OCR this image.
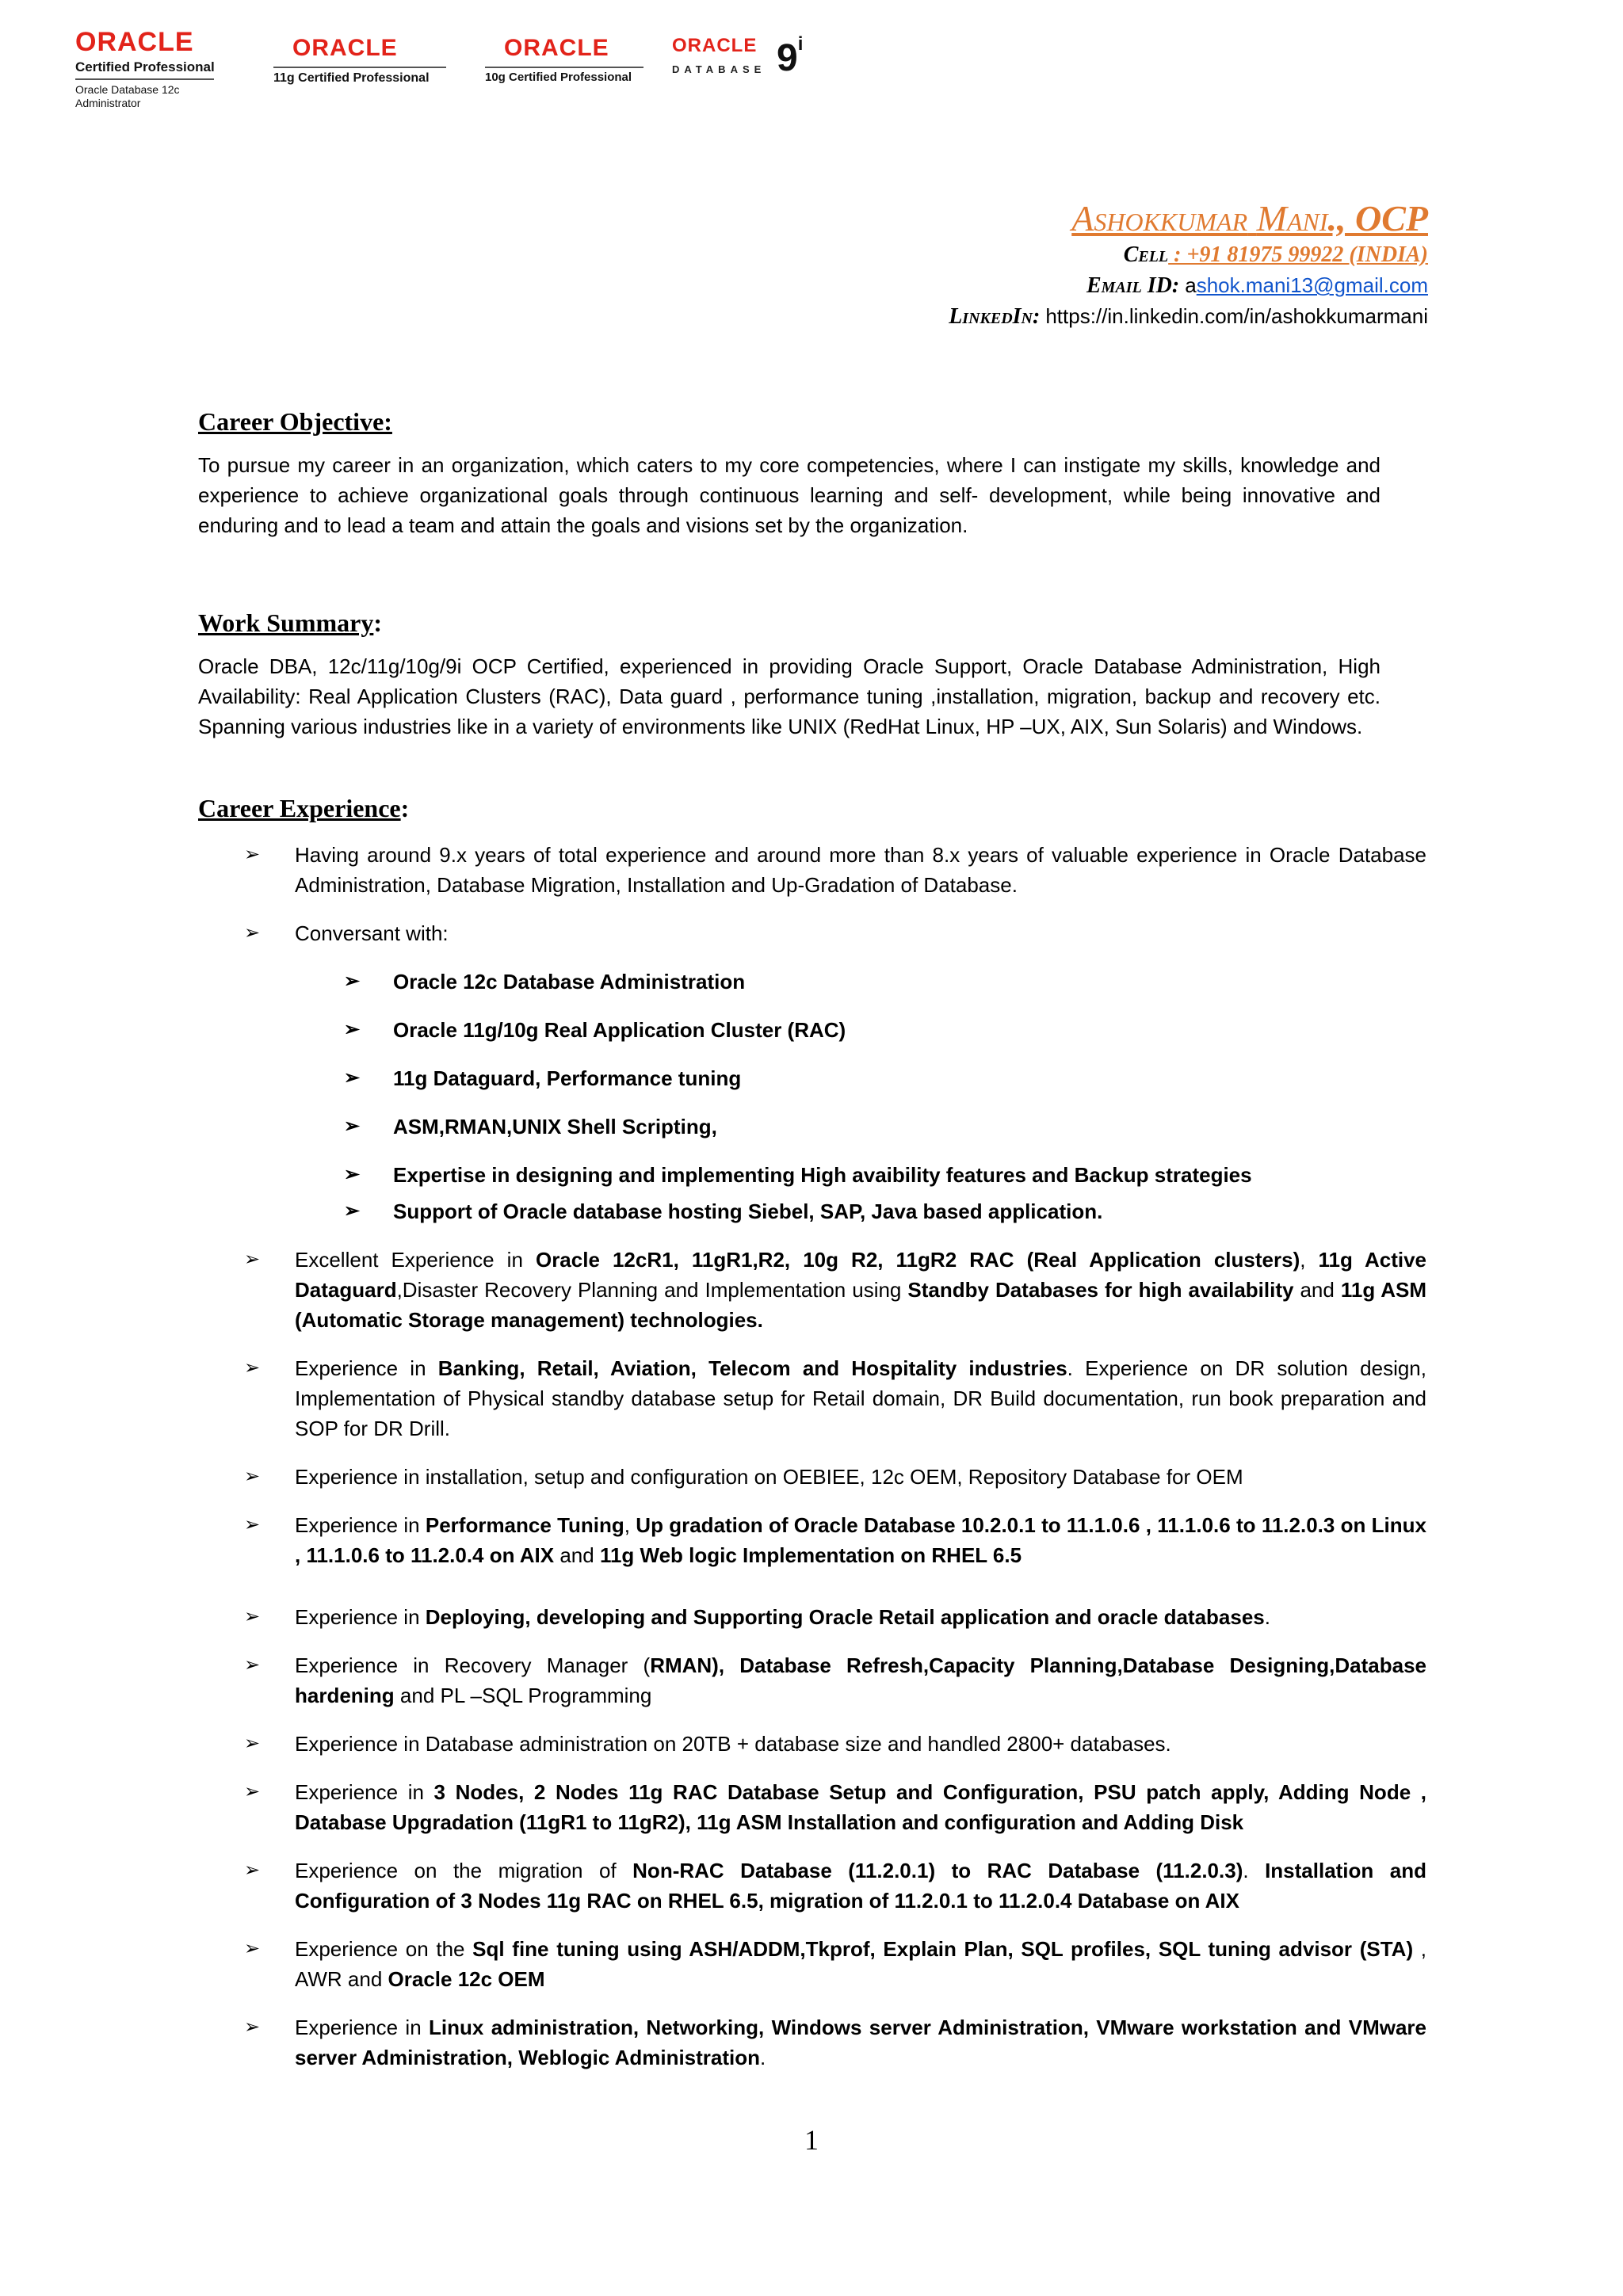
ORACLE
Certified Professional
Oracle Database 12c
Administrator
ORACLE
11g Certified Professional
ORACLE
10g Certified Professional
ORACLE
DATABASE 9$^i$
Ashokkumar Mani., OCP
Cell : +91 81975 99922 (INDIA)
Email ID: ashok.mani13@gmail.com
LinkedIn: https://in.linkedin.com/in/ashokkumarmani
Career Objective:

To pursue my career in an organization, which caters to my core competencies, where I can instigate my skills, knowledge and experience to achieve organizational goals through continuous learning and self- development, while being innovative and enduring and to lead a team and attain the goals and visions set by the organization.

Work Summary:

Oracle DBA, 12c/11g/10g/9i OCP Certified, experienced in providing Oracle Support, Oracle Database Administration, High Availability: Real Application Clusters (RAC), Data guard , performance tuning ,installation, migration, backup and recovery etc. Spanning various industries like in a variety of environments like UNIX (RedHat Linux, HP –UX, AIX, Sun Solaris) and Windows.

Career Experience:
➢ Having around 9.x years of total experience and around more than 8.x years of valuable experience in Oracle Database Administration, Database Migration, Installation and Up-Gradation of Database.
➢ Conversant with:
➢ Oracle 12c Database Administration
➢ Oracle 11g/10g Real Application Cluster (RAC)
➢ 11g Dataguard, Performance tuning
➢ ASM,RMAN,UNIX Shell Scripting,
➢ Expertise in designing and implementing High avaibility features and Backup strategies
➢ Support of Oracle database hosting Siebel, SAP, Java based application.
➢ Excellent Experience in Oracle 12cR1, 11gR1,R2, 10g R2, 11gR2 RAC (Real Application clusters), 11g Active Dataguard,Disaster Recovery Planning and Implementation using Standby Databases for high availability and 11g ASM (Automatic Storage management) technologies.
➢ Experience in Banking, Retail, Aviation, Telecom and Hospitality industries. Experience on DR solution design, Implementation of Physical standby database setup for Retail domain, DR Build documentation, run book preparation and SOP for DR Drill.
➢ Experience in installation, setup and configuration on OEBIEE, 12c OEM, Repository Database for OEM
➢ Experience in Performance Tuning, Up gradation of Oracle Database 10.2.0.1 to 11.1.0.6 , 11.1.0.6 to 11.2.0.3 on Linux , 11.1.0.6 to 11.2.0.4 on AIX and 11g Web logic Implementation on RHEL 6.5
➢ Experience in Deploying, developing and Supporting Oracle Retail application and oracle databases.
➢ Experience in Recovery Manager (RMAN), Database Refresh,Capacity Planning,Database Designing,Database hardening and PL –SQL Programming
➢ Experience in Database administration on 20TB + database size and handled 2800+ databases.
➢ Experience in 3 Nodes, 2 Nodes 11g RAC Database Setup and Configuration, PSU patch apply, Adding Node , Database Upgradation (11gR1 to 11gR2), 11g ASM Installation and configuration and Adding Disk
➢ Experience on the migration of Non-RAC Database (11.2.0.1) to RAC Database (11.2.0.3). Installation and Configuration of 3 Nodes 11g RAC on RHEL 6.5, migration of 11.2.0.1 to 11.2.0.4 Database on AIX
➢ Experience on the Sql fine tuning using ASH/ADDM,Tkprof, Explain Plan, SQL profiles, SQL tuning advisor (STA) , AWR and Oracle 12c OEM
➢ Experience in Linux administration, Networking, Windows server Administration, VMware workstation and VMware server Administration, Weblogic Administration.
1
